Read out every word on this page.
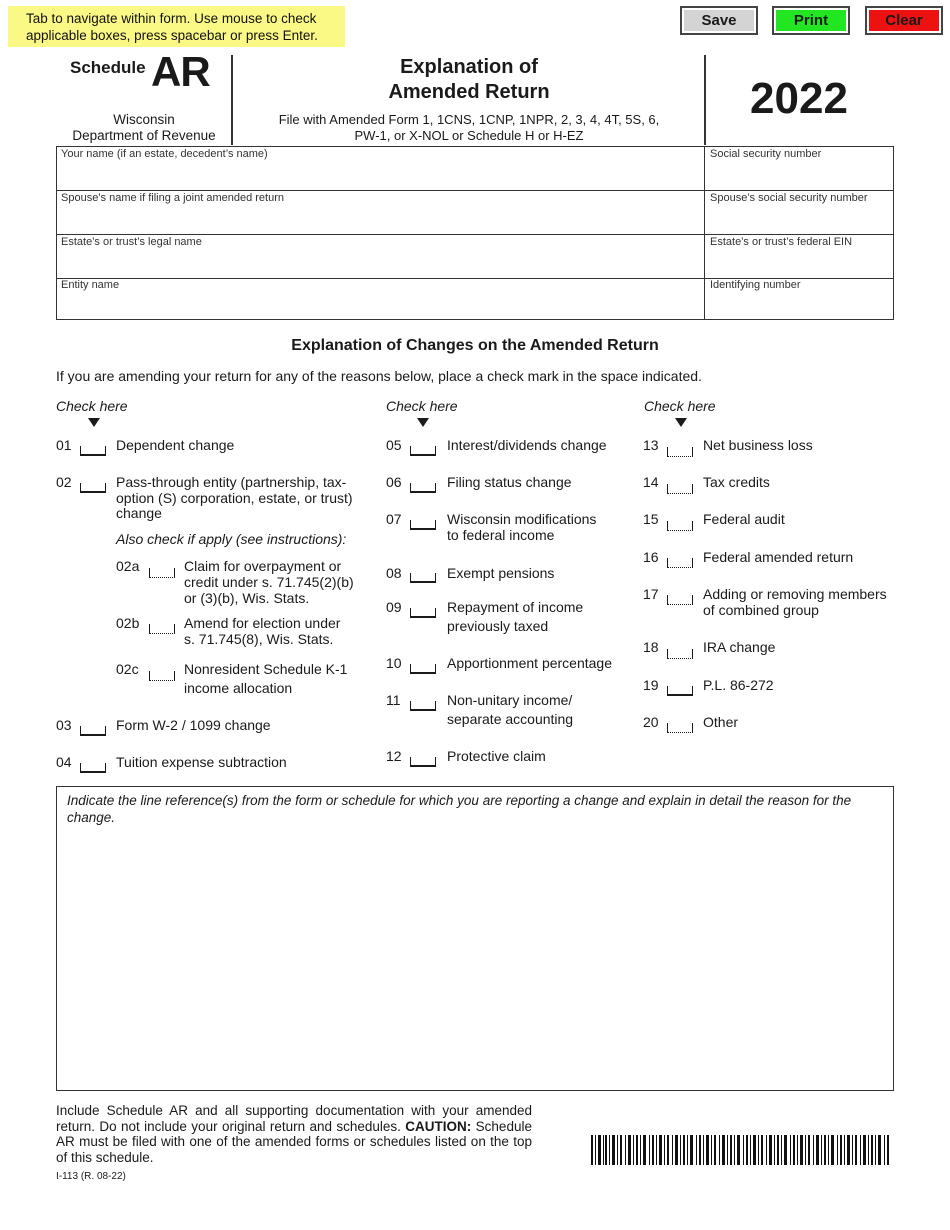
Tab to navigate within form. Use mouse to check applicable boxes, press spacebar or press Enter.
Save	Print	Clear
Schedule AR
Wisconsin
Department of Revenue
Explanation of
Amended Return
File with Amended Form 1, 1CNS, 1CNP, 1NPR, 2, 3, 4, 4T, 5S, 6,
PW-1, or X-NOL or Schedule H or H-EZ
2022
Your name (if an estate, decedent’s name)	Social security number
Spouse’s name if filing a joint amended return	Spouse’s social security number
Estate’s or trust’s legal name	Estate’s or trust’s federal EIN
Entity name	Identifying number
Explanation of Changes on the Amended Return
If you are amending your return for any of the reasons below, place a check mark in the space indicated.
Check here	Check here	Check here
01	Dependent change
02	Pass-through entity (partnership, tax-
option (S) corporation, estate, or trust)
change
Also check if apply (see instructions):
02a	Claim for overpayment or
credit under s. 71.745(2)(b)
or (3)(b), Wis. Stats.
02b	Amend for election under
s. 71.745(8), Wis. Stats.
02c	Nonresident Schedule K-1
income allocation
03	Form W-2 / 1099 change
04	Tuition expense subtraction
05	Interest/dividends change
06	Filing status change
07	Wisconsin modifications
to federal income
08	Exempt pensions
09	Repayment of income
previously taxed
10	Apportionment percentage
11	Non-unitary income/
separate accounting
12	Protective claim
13	Net business loss
14	Tax credits
15	Federal audit
16	Federal amended return
17	Adding or removing members
of combined group
18	IRA change
19	P.L. 86-272
20	Other
Indicate the line reference(s) from the form or schedule for which you are reporting a change and explain in detail the reason for the change.
Include Schedule AR and all supporting documentation with your amended return. Do not include your original return and schedules. CAUTION: Schedule AR must be filed with one of the amended forms or schedules listed on the top of this schedule.
I-113 (R. 08-22)
